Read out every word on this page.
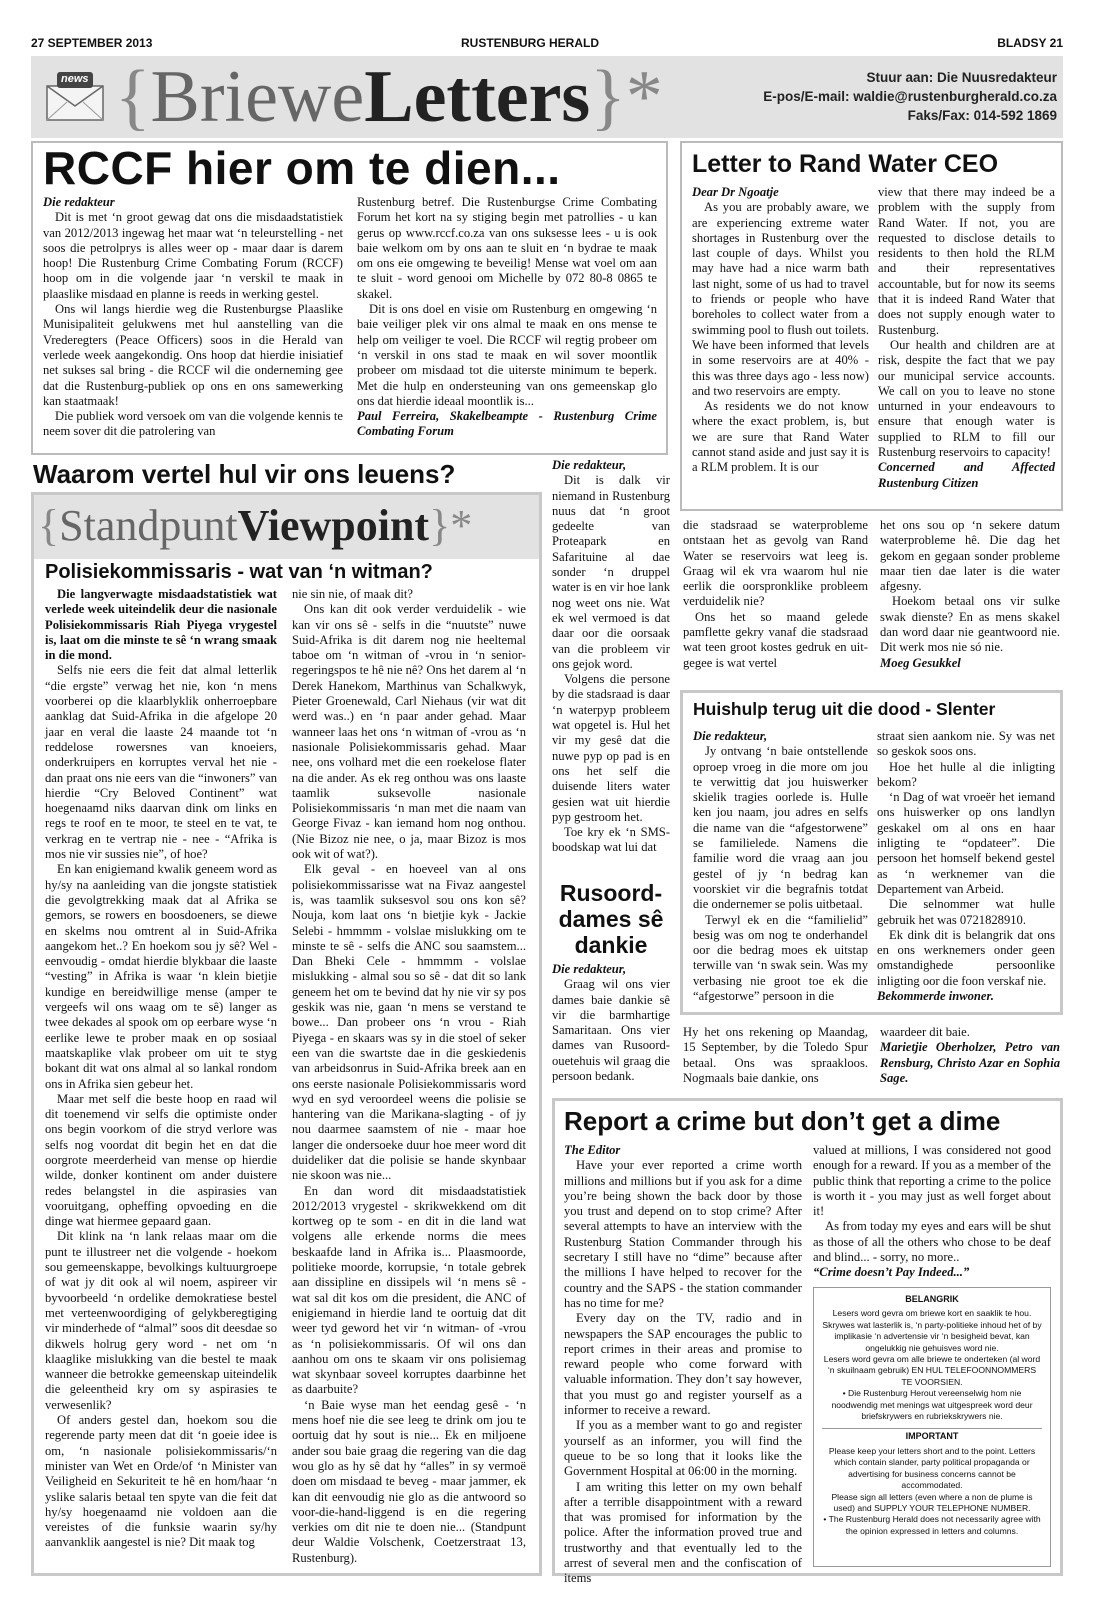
27 SEPTEMBER 2013	RUSTENBURG HERALD	BLADSY 21
news {BrieweLetters}*	Stuur aan: Die Nuusredakteur
E-pos/E-mail: waldie@rustenburgherald.co.za
Faks/Fax: 014-592 1869
RCCF hier om te dien...

Die redakteur

Dit is met ‘n groot gewag dat ons die misdaadstatistiek van 2012/2013 ingewag het maar wat ‘n teleurstelling - net soos die petrolprys is alles weer op - maar daar is darem hoop! Die Rustenburg Crime Combating Forum (RCCF) hoop om in die volgende jaar ‘n verskil te maak in plaaslike misdaad en planne is reeds in werking gestel.

Ons wil langs hierdie weg die Rustenburgse Plaaslike Munisipaliteit gelukwens met hul aanstelling van die Vrederegters (Peace Officers) soos in die Herald van verlede week aangekondig. Ons hoop dat hierdie inisiatief net sukses sal bring - die RCCF wil die onderneming gee dat die Rustenburg-publiek op ons en ons samewerking kan staatmaak!

Die publiek word versoek om van die volgende kennis te neem sover dit die patrolering van

Rustenburg betref. Die Rustenburgse Crime Combating Forum het kort na sy stiging begin met patrollies - u kan gerus op www.rccf.co.za van ons suksesse lees - u is ook baie welkom om by ons aan te sluit en ‘n bydrae te maak om ons eie omgewing te beveilig! Mense wat voel om aan te sluit - word genooi om Michelle by 072 80-8 0865 te skakel.

Dit is ons doel en visie om Rustenburg en omgewing ‘n baie veiliger plek vir ons almal te maak en ons mense te help om veiliger te voel. Die RCCF wil regtig probeer om ‘n verskil in ons stad te maak en wil sover moontlik probeer om misdaad tot die uiterste minimum te beperk. Met die hulp en ondersteuning van ons gemeenskap glo ons dat hierdie ideaal moontlik is...

Paul Ferreira, Skakelbeampte - Rustenburg Crime Combating Forum

Letter to Rand Water CEO

Dear Dr Ngoatje

As you are probably aware, we are experiencing extreme water shortages in Rustenburg over the last couple of days. Whilst you may have had a nice warm bath last night, some of us had to travel to friends or people who have boreholes to collect water from a swimming pool to flush out toilets. We have been informed that levels in some reservoirs are at 40% - this was three days ago - less now) and two reservoirs are empty.

As residents we do not know where the exact problem, is, but we are sure that Rand Water cannot stand aside and just say it is a RLM problem. It is our

view that there may indeed be a problem with the supply from Rand Water. If not, you are requested to disclose details to residents to then hold the RLM and their representatives accountable, but for now its seems that it is indeed Rand Water that does not supply enough water to Rustenburg.

Our health and children are at risk, despite the fact that we pay our municipal service accounts. We call on you to leave no stone unturned in your endeavours to ensure that enough water is supplied to RLM to fill our Rustenburg reservoirs to capacity!

Concerned and Affected Rustenburg Citizen

Waarom vertel hul vir ons leuens?	Die redakteur,

Dit is dalk vir niemand in Rustenburg nuus dat ‘n groot gedeelte van Proteapark en Safarituine al dae sonder ‘n druppel water is en vir hoe lank nog weet ons nie. Wat ek wel vermoed is dat daar oor die oorsaak van die probleem vir ons gejok word.

Volgens die persone by die stadsraad is daar ‘n waterpyp probleem wat opgetel is. Hul het vir my gesê dat die nuwe pyp op pad is en ons het self die duisende liters water gesien wat uit hierdie pyp gestroom het.

Toe kry ek ‘n SMS-boodskap wat lui dat

die stadsraad se waterprobleme ontstaan het as gevolg van Rand Water se reservoirs wat leeg is. Graag wil ek vra waarom hul nie eerlik die oorspronklike probleem verduidelik nie?

Ons het so maand gelede pamflette gekry vanaf die stadsraad wat teen groot kostes gedruk en uit-gegee is wat vertel

het ons sou op ‘n sekere datum waterprobleme hê. Die dag het gekom en gegaan sonder probleme maar tien dae later is die water afgesny.

Hoekom betaal ons vir sulke swak dienste? En as mens skakel dan word daar nie geantwoord nie. Dit werk mos nie só nie.

Moeg Gesukkel

{StandpuntViewpoint}*
Polisiekommissaris - wat van ‘n witman?

Die langverwagte misdaadstatistiek wat verlede week uiteindelik deur die nasionale Polisiekommissaris Riah Piyega vrygestel is, laat om die minste te sê ‘n wrang smaak in die mond.

Selfs nie eers die feit dat almal letterlik “die ergste” verwag het nie, kon ‘n mens voorberei op die klaarblyklik onherroepbare aanklag dat Suid-Afrika in die afgelope 20 jaar en veral die laaste 24 maande tot ‘n reddelose rowersnes van knoeiers, onderkruipers en korruptes verval het nie - dan praat ons nie eers van die “inwoners” van hierdie “Cry Beloved Continent” wat hoegenaamd niks daarvan dink om links en regs te roof en te moor, te steel en te vat, te verkrag en te vertrap nie - nee - “Afrika is mos nie vir sussies nie”, of hoe?

En kan enigiemand kwalik geneem word as hy/sy na aanleiding van die jongste statistiek die gevolgtrekking maak dat al Afrika se gemors, se rowers en boosdoeners, se diewe en skelms nou omtrent al in Suid-Afrika aangekom het..? En hoekom sou jy sê? Wel - eenvoudig - omdat hierdie blykbaar die laaste “vesting” in Afrika is waar ‘n klein bietjie kundige en bereidwillige mense (amper te vergeefs wil ons waag om te sê) langer as twee dekades al spook om op eerbare wyse ‘n eerlike lewe te prober maak en op sosiaal maatskaplike vlak probeer om uit te styg bokant dit wat ons almal al so lankal rondom ons in Afrika sien gebeur het.

Maar met self die beste hoop en raad wil dit toenemend vir selfs die optimiste onder ons begin voorkom of die stryd verlore was selfs nog voordat dit begin het en dat die oorgrote meerderheid van mense op hierdie wilde, donker kontinent om ander duistere redes belangstel in die aspirasies van vooruitgang, opheffing opvoeding en die dinge wat hiermee gepaard gaan.

Dit klink na ‘n lank relaas maar om die punt te illustreer net die volgende - hoekom sou gemeenskappe, bevolkings kultuurgroepe of wat jy dit ook al wil noem, aspireer vir byvoorbeeld ‘n ordelike demokratiese bestel met verteenwoordiging of gelykberegtiging vir minderhede of “almal” soos dit deesdae so dikwels holrug gery word - net om ‘n klaaglike mislukking van die bestel te maak wanneer die betrokke gemeenskap uiteindelik die geleentheid kry om sy aspirasies te verwesenlik?

Of anders gestel dan, hoekom sou die regerende party meen dat dit ‘n goeie idee is om, ‘n nasionale polisiekommissaris/‘n minister van Wet en Orde/of ‘n Minister van Veiligheid en Sekuriteit te hê en hom/haar ‘n yslike salaris betaal ten spyte van die feit dat hy/sy hoegenaamd nie voldoen aan die vereistes of die funksie waarin sy/hy aanvanklik aangestel is nie? Dit maak tog

nie sin nie, of maak dit?

Ons kan dit ook verder verduidelik - wie kan vir ons sê - selfs in die “nuutste” nuwe Suid-Afrika is dit darem nog nie heeltemal taboe om ‘n witman of -vrou in ‘n senior-regeringspos te hê nie nê? Ons het darem al ‘n Derek Hanekom, Marthinus van Schalkwyk, Pieter Groenewald, Carl Niehaus (vir wat dit werd was..) en ‘n paar ander gehad. Maar wanneer laas het ons ‘n witman of -vrou as ‘n nasionale Polisiekommissaris gehad. Maar nee, ons volhard met die een roekelose flater na die ander. As ek reg onthou was ons laaste taamlik suksevolle nasionale Polisiekommissaris ‘n man met die naam van George Fivaz - kan iemand hom nog onthou. (Nie Bizoz nie nee, o ja, maar Bizoz is mos ook wit of wat?).

Elk geval - en hoeveel van al ons polisiekommissarisse wat na Fivaz aangestel is, was taamlik suksesvol sou ons kon sê? Nouja, kom laat ons ‘n bietjie kyk - Jackie Selebi - hmmmm - volslae mislukking om te minste te sê - selfs die ANC sou saamstem... Dan Bheki Cele - hmmmm - volslae mislukking - almal sou so sê - dat dit so lank geneem het om te bevind dat hy nie vir sy pos geskik was nie, gaan ‘n mens se verstand te bowe... Dan probeer ons ‘n vrou - Riah Piyega - en skaars was sy in die stoel of seker een van die swartste dae in die geskiedenis van arbeidsonrus in Suid-Afrika breek aan en ons eerste nasionale Polisiekommissaris word wyd en syd veroordeel weens die polisie se hantering van die Marikana-slagting - of jy nou daarmee saamstem of nie - maar hoe langer die ondersoeke duur hoe meer word dit duideliker dat die polisie se hande skynbaar nie skoon was nie...

En dan word dit misdaadstatistiek 2012/2013 vrygestel - skrikwekkend om dit kortweg op te som - en dit in die land wat volgens alle erkende norms die mees beskaafde land in Afrika is... Plaasmoorde, politieke moorde, korrupsie, ‘n totale gebrek aan dissipline en dissipels wil ‘n mens sê - wat sal dit kos om die president, die ANC of enigiemand in hierdie land te oortuig dat dit weer tyd geword het vir ‘n witman- of -vrou as ‘n polisiekommissaris. Of wil ons dan aanhou om ons te skaam vir ons polisiemag wat skynbaar soveel korruptes daarbinne het as daarbuite?

‘n Baie wyse man het eendag gesê - ‘n mens hoef nie die see leeg te drink om jou te oortuig dat hy sout is nie... Ek en miljoene ander sou baie graag die regering van die dag wou glo as hy sê dat hy “alles” in sy vermoë doen om misdaad te beveg - maar jammer, ek kan dit eenvoudig nie glo as die antwoord so voor-die-hand-liggend is en die regering verkies om dit nie te doen nie... (Standpunt deur Waldie Volschenk, Coetzerstraat 13, Rustenburg).

Rusoord-
dames sê
dankie

Die redakteur,

Graag wil ons vier dames baie dankie sê vir die barmhartige Samaritaan. Ons vier dames van Rusoord-ouetehuis wil graag die persoon bedank.

Hy het ons rekening op Maandag, 15 September, by die Toledo Spur betaal. Ons was spraakloos. Nogmaals baie dankie, ons

waardeer dit baie.

Marietjie Oberholzer, Petro van Rensburg, Christo Azar en Sophia Sage.

Huishulp terug uit die dood - Slenter

Die redakteur,

Jy ontvang ‘n baie ontstellende oproep vroeg in die more om jou te verwittig dat jou huiswerker skielik tragies oorlede is. Hulle ken jou naam, jou adres en selfs die name van die “afgestorwene” se familielede. Namens die familie word die vraag aan jou gestel of jy ‘n bedrag kan voorskiet vir die begrafnis totdat die ondernemer se polis uitbetaal.

Terwyl ek en die “familielid” besig was om nog te onderhandel oor die bedrag moes ek uitstap terwille van ‘n swak sein. Was my verbasing nie groot toe ek die “afgestorwe” persoon in die

straat sien aankom nie. Sy was net so geskok soos ons.

Hoe het hulle al die inligting bekom?

‘n Dag of wat vroeër het iemand ons huiswerker op ons landlyn geskakel om al ons en haar inligting te “opdateer”. Die persoon het homself bekend gestel as ‘n werknemer van die Departement van Arbeid.

Die selnommer wat hulle gebruik het was 0721828910.

Ek dink dit is belangrik dat ons en ons werknemers onder geen omstandighede persoonlike inligting oor die foon verskaf nie.

Bekommerde inwoner.

Report a crime but don’t get a dime

The Editor

Have your ever reported a crime worth millions and millions but if you ask for a dime you’re being shown the back door by those you trust and depend on to stop crime? After several attempts to have an interview with the Rustenburg Station Commander through his secretary I still have no “dime” because after the millions I have helped to recover for the country and the SAPS - the station commander has no time for me?

Every day on the TV, radio and in newspapers the SAP encourages the public to report crimes in their areas and promise to reward people who come forward with valuable information. They don’t say however, that you must go and register yourself as a informer to receive a reward.

If you as a member want to go and register yourself as an informer, you will find the queue to be so long that it looks like the Government Hospital at 06:00 in the morning.

I am writing this letter on my own behalf after a terrible disappointment with a reward that was promised for information by the police. After the information proved true and trustworthy and that eventually led to the arrest of several men and the confiscation of items

valued at millions, I was considered not good enough for a reward. If you as a member of the public think that reporting a crime to the police is worth it - you may just as well forget about it!

As from today my eyes and ears will be shut as those of all the others who chose to be deaf and blind... - sorry, no more..

“Crime doesn’t Pay Indeed...”

BELANGRIK
Lesers word gevra om briewe kort en saaklik te hou.
Skrywes wat lasterlik is, ‘n party-politieke inhoud het of by implikasie ‘n advertensie vir ‘n besigheid bevat, kan ongelukkig nie gehuisves word nie.
Lesers word gevra om alle briewe te onderteken (al word ‘n skuilnaam gebruik) EN HUL TELEFOONNOMMERS TE VOORSIEN.
• Die Rustenburg Herout vereenselwig hom nie noodwendig met menings wat uitgespreek word deur briefskrywers en rubriekskrywers nie.
IMPORTANT
Please keep your letters short and to the point. Letters which contain slander, party political propaganda or advertising for business concerns cannot be accommodated.
Please sign all letters (even where a non de plume is used) and SUPPLY YOUR TELEPHONE NUMBER.
• The Rustenburg Herald does not necessarily agree with the opinion expressed in letters and columns.
